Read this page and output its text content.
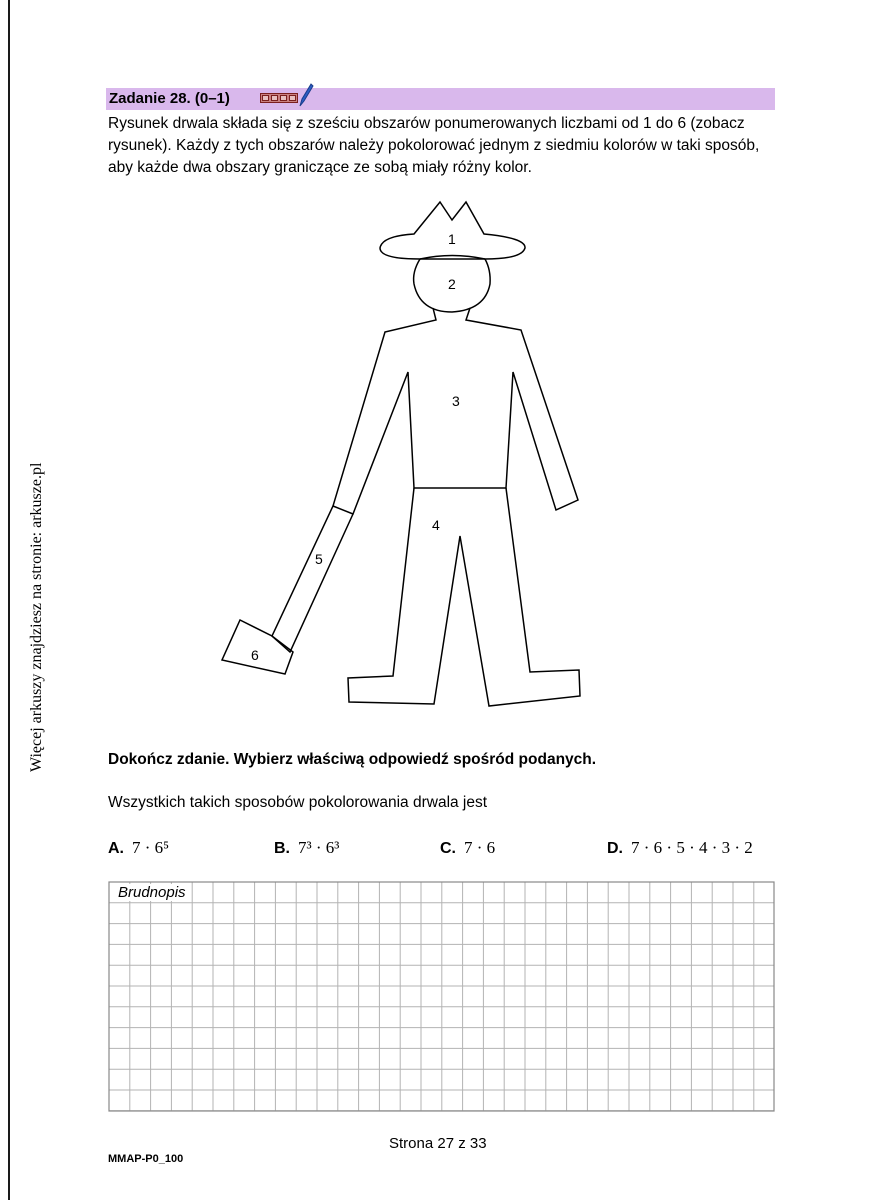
Więcej arkuszy znajdziesz na stronie: arkusze.pl
Zadanie 28. (0–1)
Rysunek drwala składa się z sześciu obszarów ponumerowanych liczbami od 1 do 6 (zobacz rysunek). Każdy z tych obszarów należy pokolorować jednym z siedmiu kolorów w taki sposób, aby każde dwa obszary graniczące ze sobą miały różny kolor.
1
2
3
4
5
6
Dokończ zdanie. Wybierz właściwą odpowiedź spośród podanych.
Wszystkich takich sposobów pokolorowania drwala jest
A. 7 · 6⁵	B. 7³ · 6³	C. 7 · 6	D. 7 · 6 · 5 · 4 · 3 · 2
Brudnopis
Strona 27 z 33
MMAP-P0_100
